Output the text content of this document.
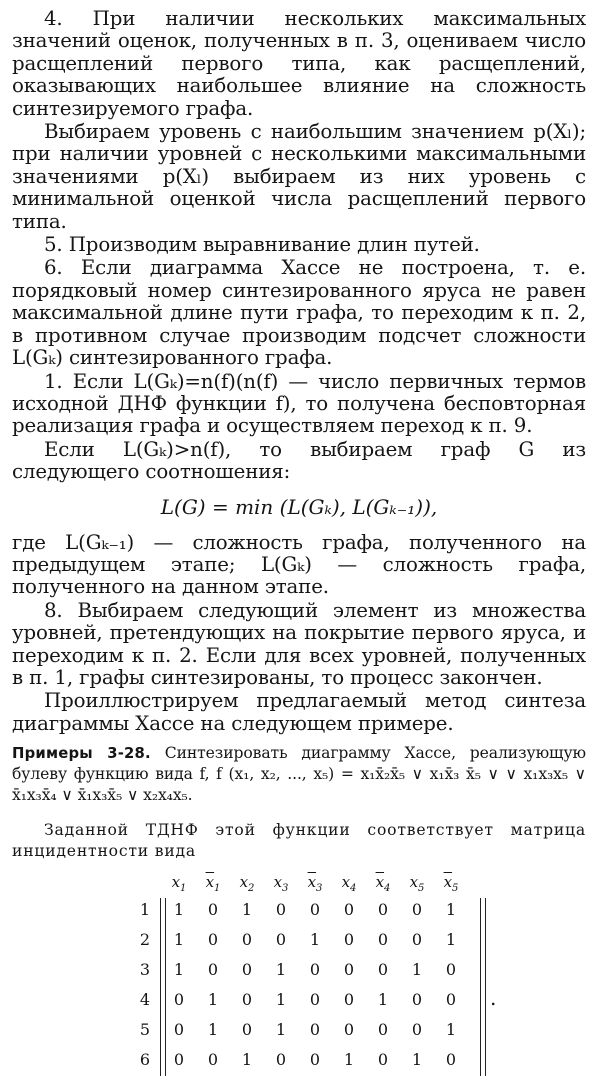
4. При наличии нескольких максимальных значений оценок, полученных в п. 3, оцениваем число расщеплений первого типа, как расщеплений, оказывающих наибольшее влияние на сложность синтезируемого графа.

Выбираем уровень с наибольшим значением p(Xₗ); при наличии уровней с несколькими максимальными значениями p(Xₗ) выбираем из них уровень с минимальной оценкой числа расщеплений первого типа.

5. Производим выравнивание длин путей.

6. Если диаграмма Хассе не построена, т. е. порядковый номер синтезированного яруса не равен максимальной длине пути графа, то переходим к п. 2, в противном случае производим подсчет сложности L(Gₖ) синтезированного графа.

1. Если L(Gₖ)=n(f)(n(f) — число первичных термов исходной ДНФ функции f), то получена бесповторная реализация графа и осуществляем переход к п. 9.

Если L(Gₖ)>n(f), то выбираем граф G из следующего соотношения:

L(G) = min (L(Gₖ), L(Gₖ₋₁)),

где L(Gₖ₋₁) — сложность графа, полученного на предыдущем этапе; L(Gₖ) — сложность графа, полученного на данном этапе.

8. Выбираем следующий элемент из множества уровней, претендующих на покрытие первого яруса, и переходим к п. 2. Если для всех уровней, полученных в п. 1, графы синтезированы, то процесс закончен.

Проиллюстрируем предлагаемый метод синтеза диаграммы Хассе на следующем примере.

Примеры 3-28. Синтезировать диаграмму Хассе, реализующую булеву функцию вида f, f (x₁, x₂, ..., x₅) = x₁x̄₂x̄₅ ∨ x₁x̄₃ x̄₅ ∨ ∨ x₁x₃x₅ ∨ x̄₁x₃x̄₄ ∨ x̄₁x₃x̄₅ ∨ x₂x₄x₅.
Заданной ТДНФ этой функции соответствует матрица инцидентности вида
	$x_1$	$\overline{x}_1$	$x_2$	$x_3$	$\overline{x}_3$	$x_4$	$\overline{x}_4$	$x_5$	$\overline{x}_5$
1	1	0	1	0	0	0	0	0	1
2	1	0	0	0	1	0	0	0	1
3	1	0	0	1	0	0	0	1	0
4	0	1	0	1	0	0	1	0	0
5	0	1	0	1	0	0	0	0	1
6	0	0	1	0	0	1	0	1	0
.
